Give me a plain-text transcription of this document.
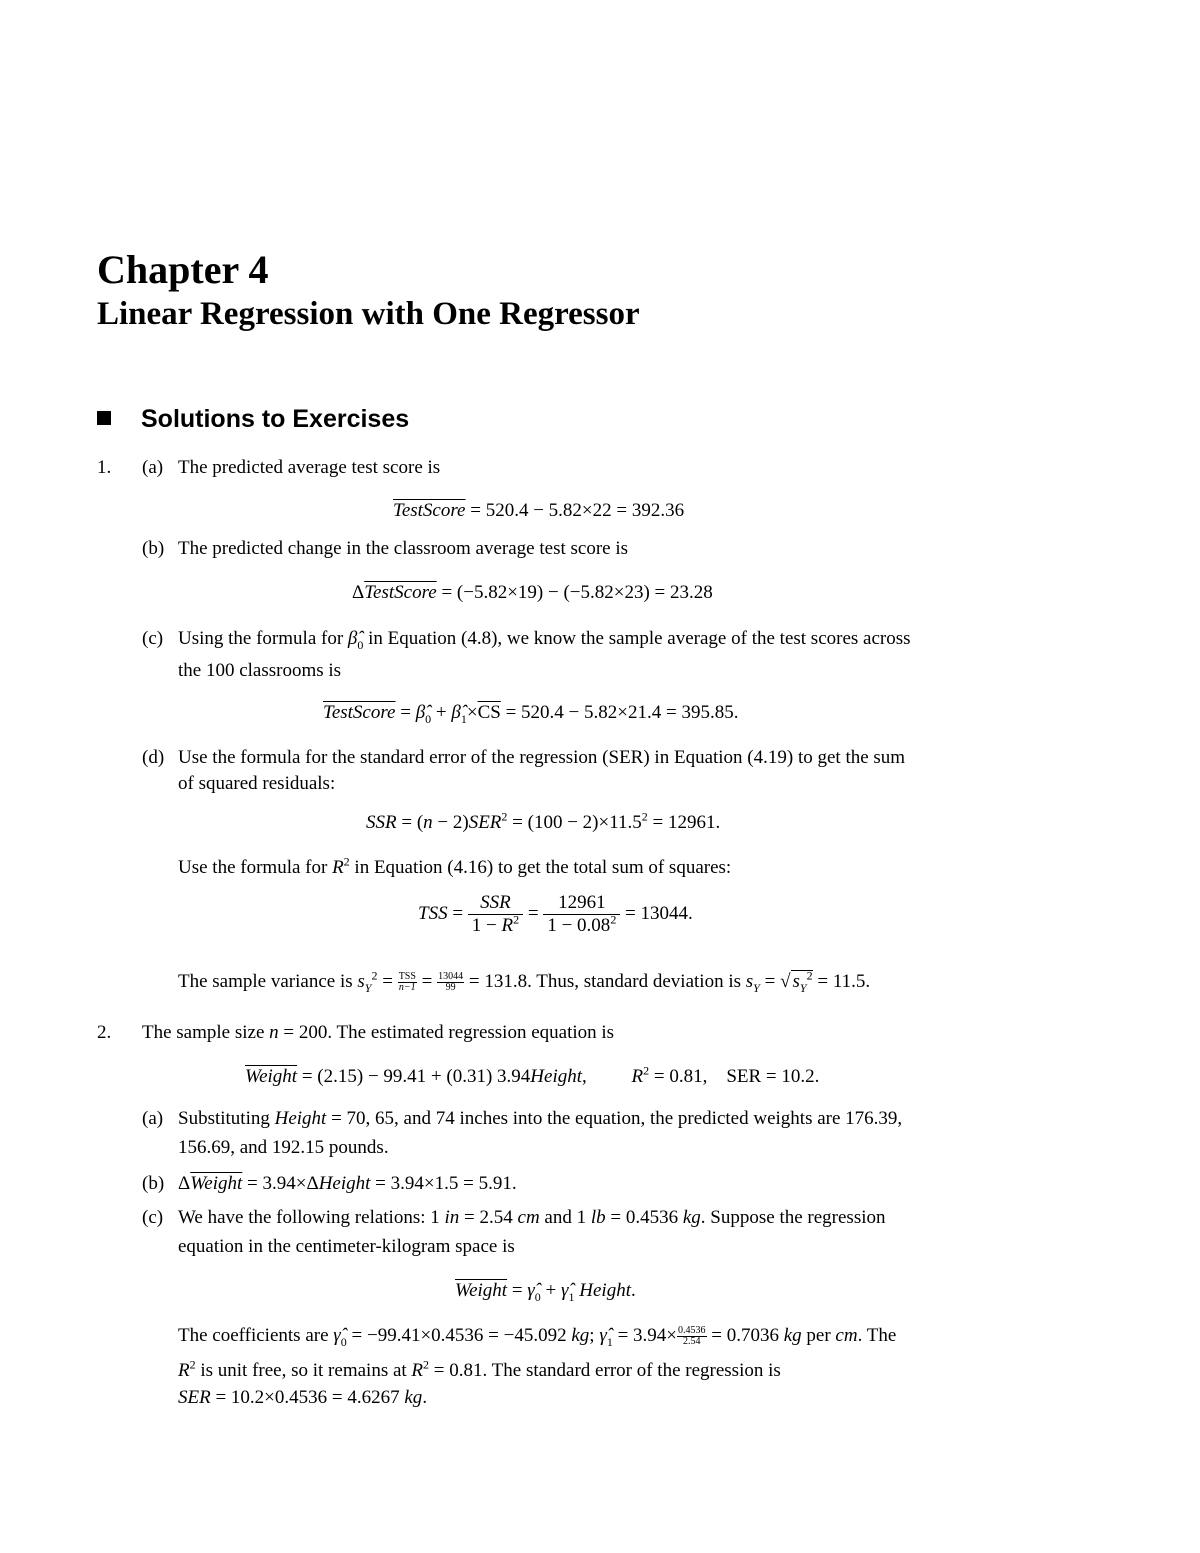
Chapter 4
Linear Regression with One Regressor
Solutions to Exercises
1. (a) The predicted average test score is
TestScore = 520.4 − 5.82×22 = 392.36
(b) The predicted change in the classroom average test score is
ΔTestScore = (−5.82×19) − (−5.82×23) = 23.28
(c) Using the formula for $\betâ_0$ in Equation (4.8), we know the sample average of the test scores across
the 100 classrooms is
TestScore = $\betâ_0$ + $\betâ_1\times\overline{CS} = 520.4 - 5.82\times 21.4 = 395.85$.
(d) Use the formula for the standard error of the regression (SER) in Equation (4.19) to get the sum
of squared residuals:
SSR = $(n - 2)SER^2 = (100 - 2)\times 11.5^2 = 12961$.
Use the formula for $R^2$ in Equation (4.16) to get the total sum of squares:
TSS = $\frac{\text{SSR}}{1 - R^2} = \frac{12961}{1 - 0.08^2} = 13044$.
The sample variance is $s_Y^2$ = TSS
$n-1 = \frac{13044}{99} = 131.8$. Thus, standard deviation is $s_Y$ = √ $s_Y^2 = 11.5$.
2. The sample size n = 200. The estimated regression equation is
Weight = (2.15) − 99.41 + (0.31) 3.94Height, $R^2 = 0.81$,    SER = 10.2.
(a) Substituting Height = 70, 65, and 74 inches into the equation, the predicted weights are 176.39,
156.69, and 192.15 pounds.
(b) ΔWeight = 3.94×ΔHeight = 3.94×1.5 = 5.91.
(c) We have the following relations: 1 in = 2.54 cm and 1 lb = 0.4536 kg. Suppose the regression
equation in the centimeter-kilogram space is
Weight = $\gammâ_0$ + $\gammâ_1$ Height.
The coefficients are $\gammâ_0 = -99.41\times 0.4536 = -45.092$ kg; $\gammâ_1 = 3.94\times \frac{0.4536}{2.54} = 0.7036$ kg per cm. The
$R^2$ is unit free, so it remains at $R^2 = 0.81$. The standard error of the regression is
SER = 10.2×0.4536 = 4.6267 kg.
